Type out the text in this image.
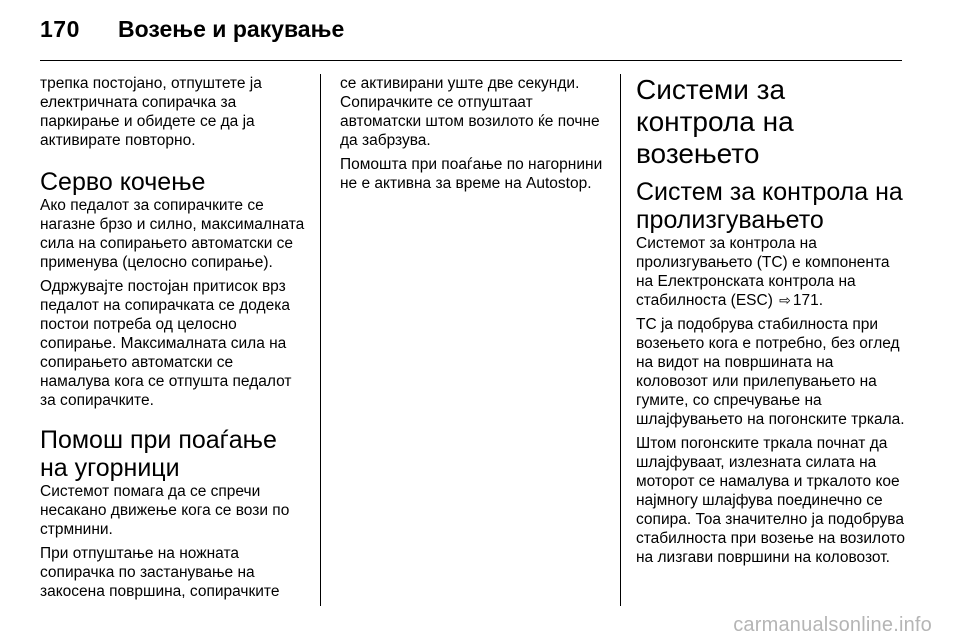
170 Возење и ракување

трепка постојано, отпуштете ја електричната сопирачка за паркирање и обидете се да ја активирате повторно.

Серво кочење

Ако педалот за сопирачките се нагазне брзо и силно, максималната сила на сопирањето автоматски се применува (целосно сопирање).

Одржувајте постојан притисок врз педалот на сопирачката се додека постои потреба од целосно сопирање. Максималната сила на сопирањето автоматски се намалува кога се отпушта педалот за сопирачките.

Помош при поаѓање на угорници

Системот помага да се спречи несакано движење кога се вози по стрмнини.

При отпуштање на ножната сопирачка по застанување на закосена површина, сопирачките

се активирани уште две секунди. Сопирачките се отпуштаат автоматски штом возилото ќе почне да забрзува.

Помошта при поаѓање по нагорнини не е активна за време на Autostop.

Системи за контрола на возењето
Систем за контрола на пролизгувањето

Системот за контрола на пролизгувањето (TC) е компонента на Електронската контрола на стабилноста (ESC) ⇨ 171.

TC ја подобрува стабилноста при возењето кога е потребно, без оглед на видот на површината на коловозот или прилепувањето на гумите, со спречување на шлајфувањето на погонските тркала.

Штом погонските тркала почнат да шлајфуваат, излезната силата на моторот се намалува и тркалото кое најмногу шлајфува поединечно се сопира. Тоа значително ја подобрува стабилноста при возење на возилото на лизгави површини на коловозот.

carmanualsonline.info
